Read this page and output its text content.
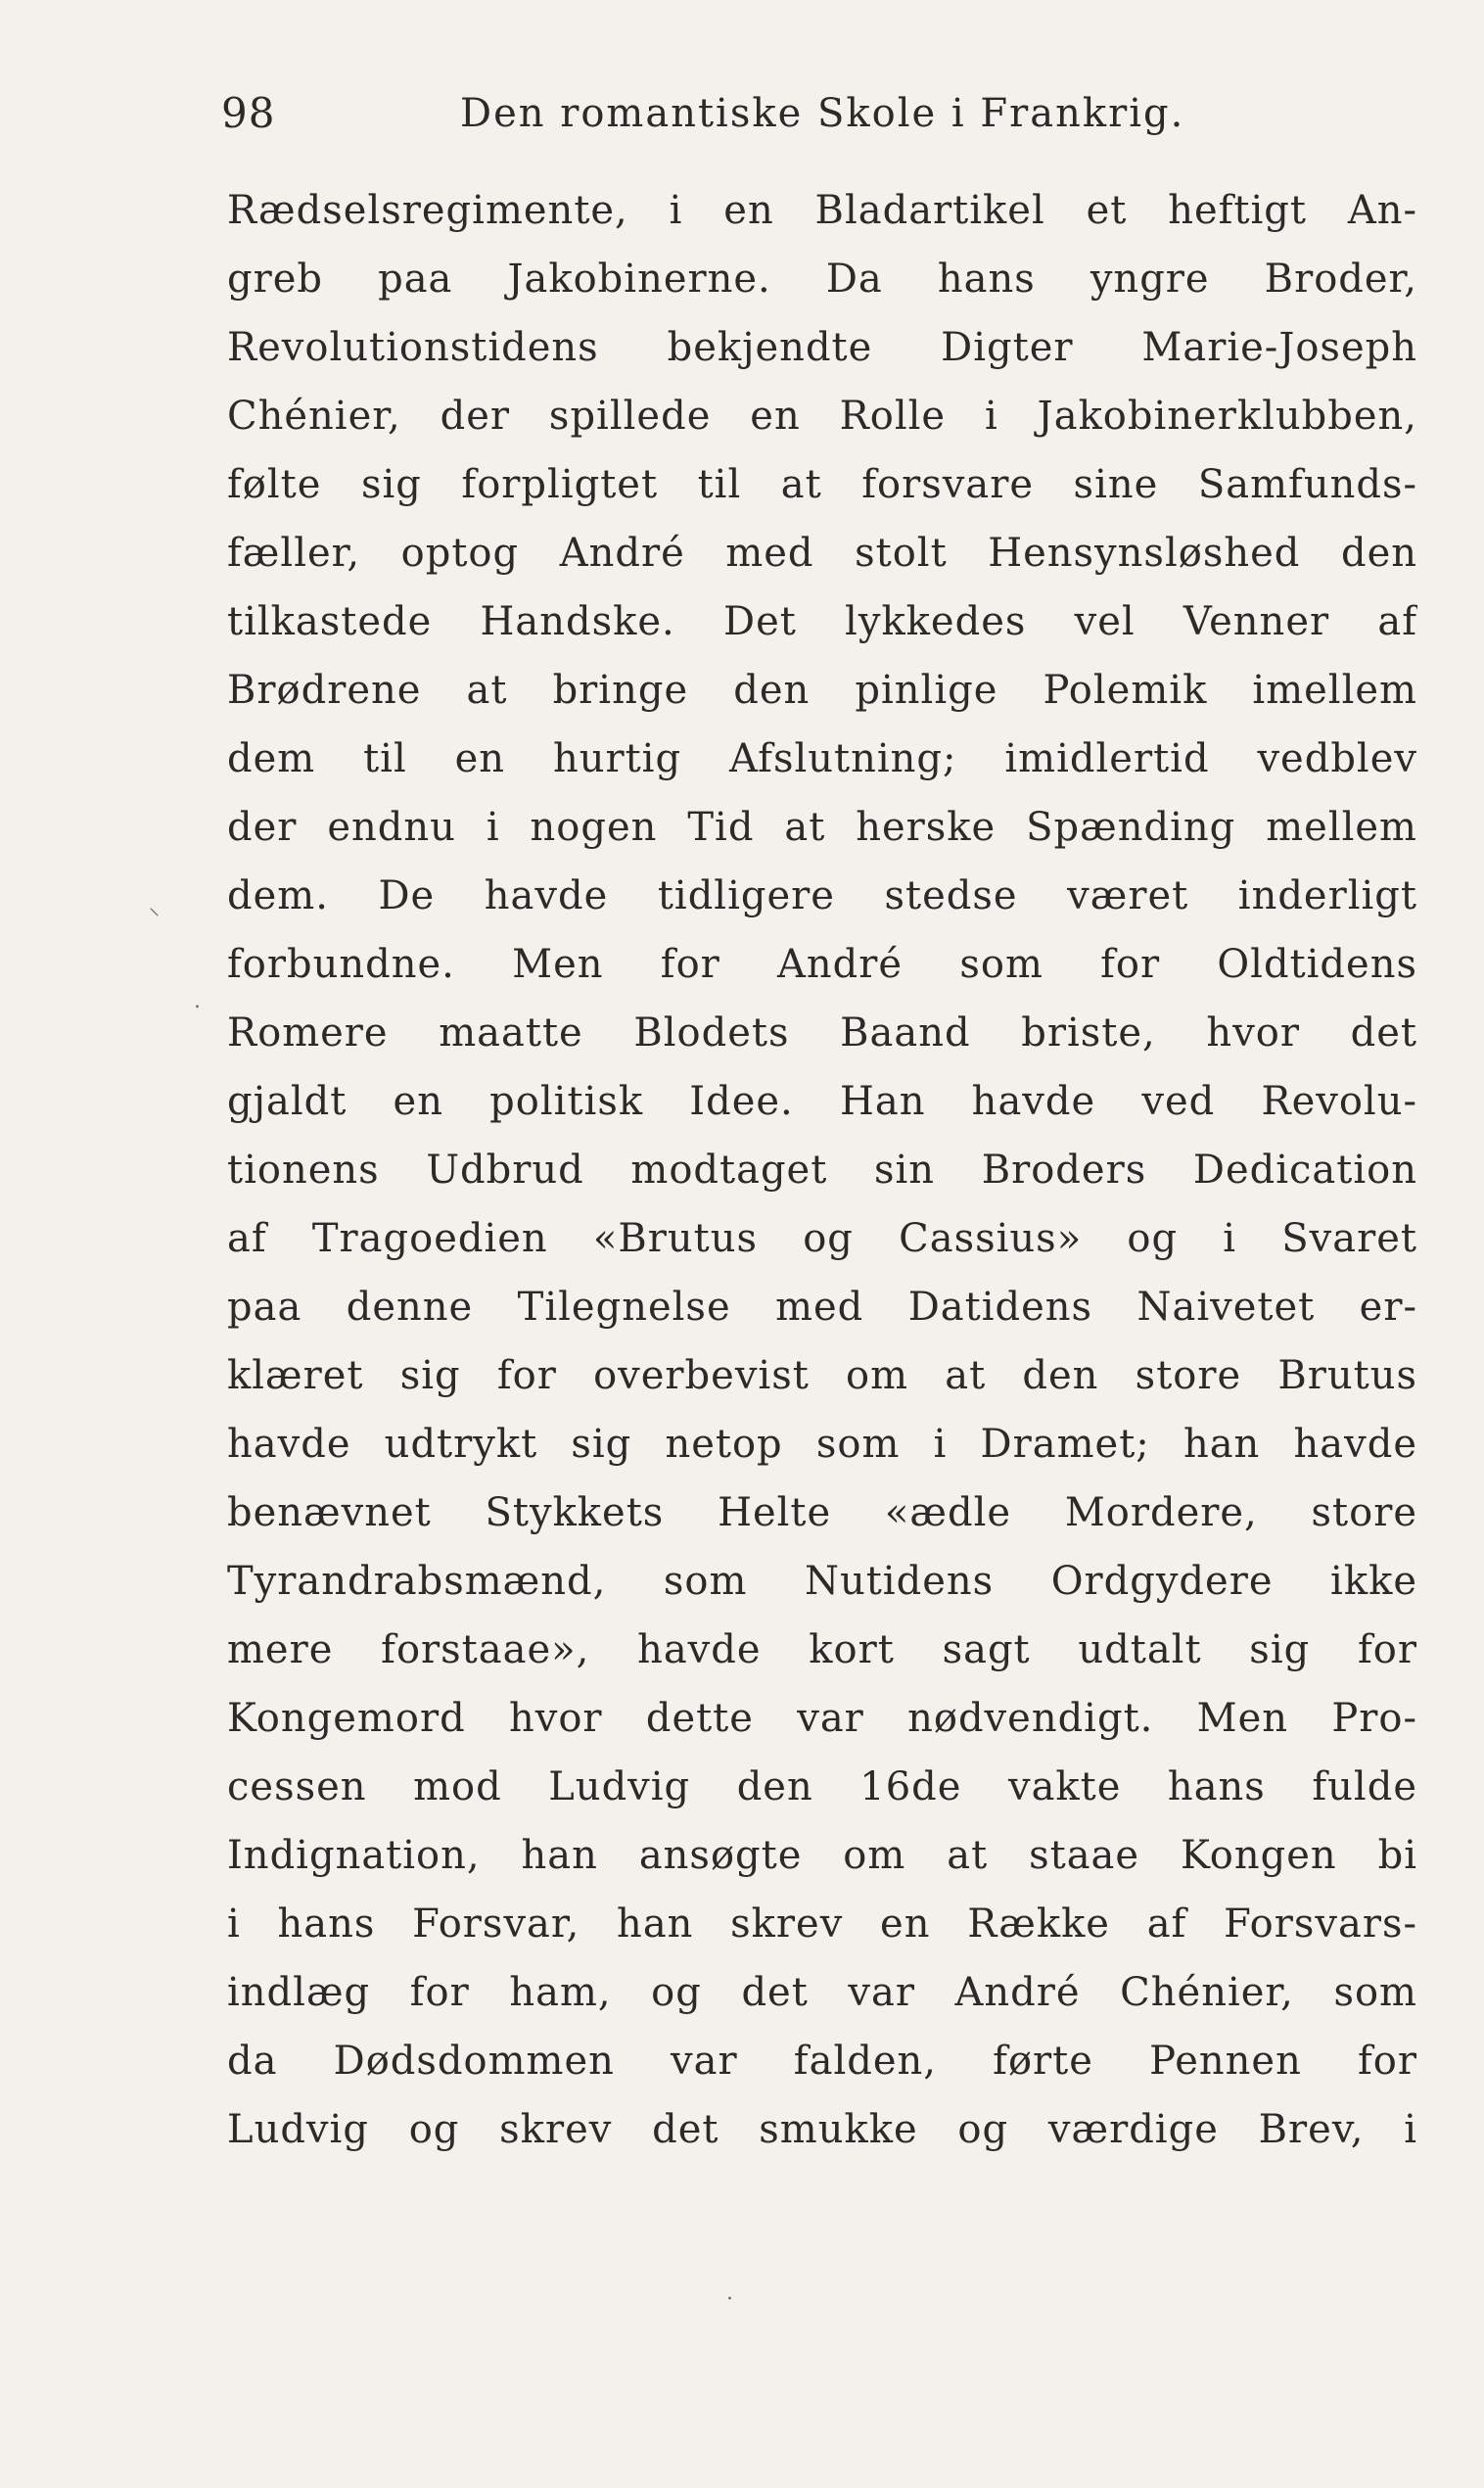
98	Den romantiske Skole i Frankrig.
Rædselsregimente, i en Bladartikel et heftigt An-
greb paa Jakobinerne. Da hans yngre Broder,
Revolutionstidens bekjendte Digter Marie-Joseph
Chénier, der spillede en Rolle i Jakobinerklubben,
følte sig forpligtet til at forsvare sine Samfunds-
fæller, optog André med stolt Hensynsløshed den
tilkastede Handske. Det lykkedes vel Venner af
Brødrene at bringe den pinlige Polemik imellem
dem til en hurtig Afslutning; imidlertid vedblev
der endnu i nogen Tid at herske Spænding mellem
dem. De havde tidligere stedse været inderligt
forbundne. Men for André som for Oldtidens
Romere maatte Blodets Baand briste, hvor det
gjaldt en politisk Idee. Han havde ved Revolu-
tionens Udbrud modtaget sin Broders Dedication
af Tragoedien «Brutus og Cassius» og i Svaret
paa denne Tilegnelse med Datidens Naivetet er-
klæret sig for overbevist om at den store Brutus
havde udtrykt sig netop som i Dramet; han havde
benævnet Stykkets Helte «ædle Mordere, store
Tyrandrabsmænd, som Nutidens Ordgydere ikke
mere forstaae», havde kort sagt udtalt sig for
Kongemord hvor dette var nødvendigt. Men Pro-
cessen mod Ludvig den 16de vakte hans fulde
Indignation, han ansøgte om at staae Kongen bi
i hans Forsvar, han skrev en Række af Forsvars-
indlæg for ham, og det var André Chénier, som
da Dødsdommen var falden, førte Pennen for
Ludvig og skrev det smukke og værdige Brev, i
⸌
.
·
